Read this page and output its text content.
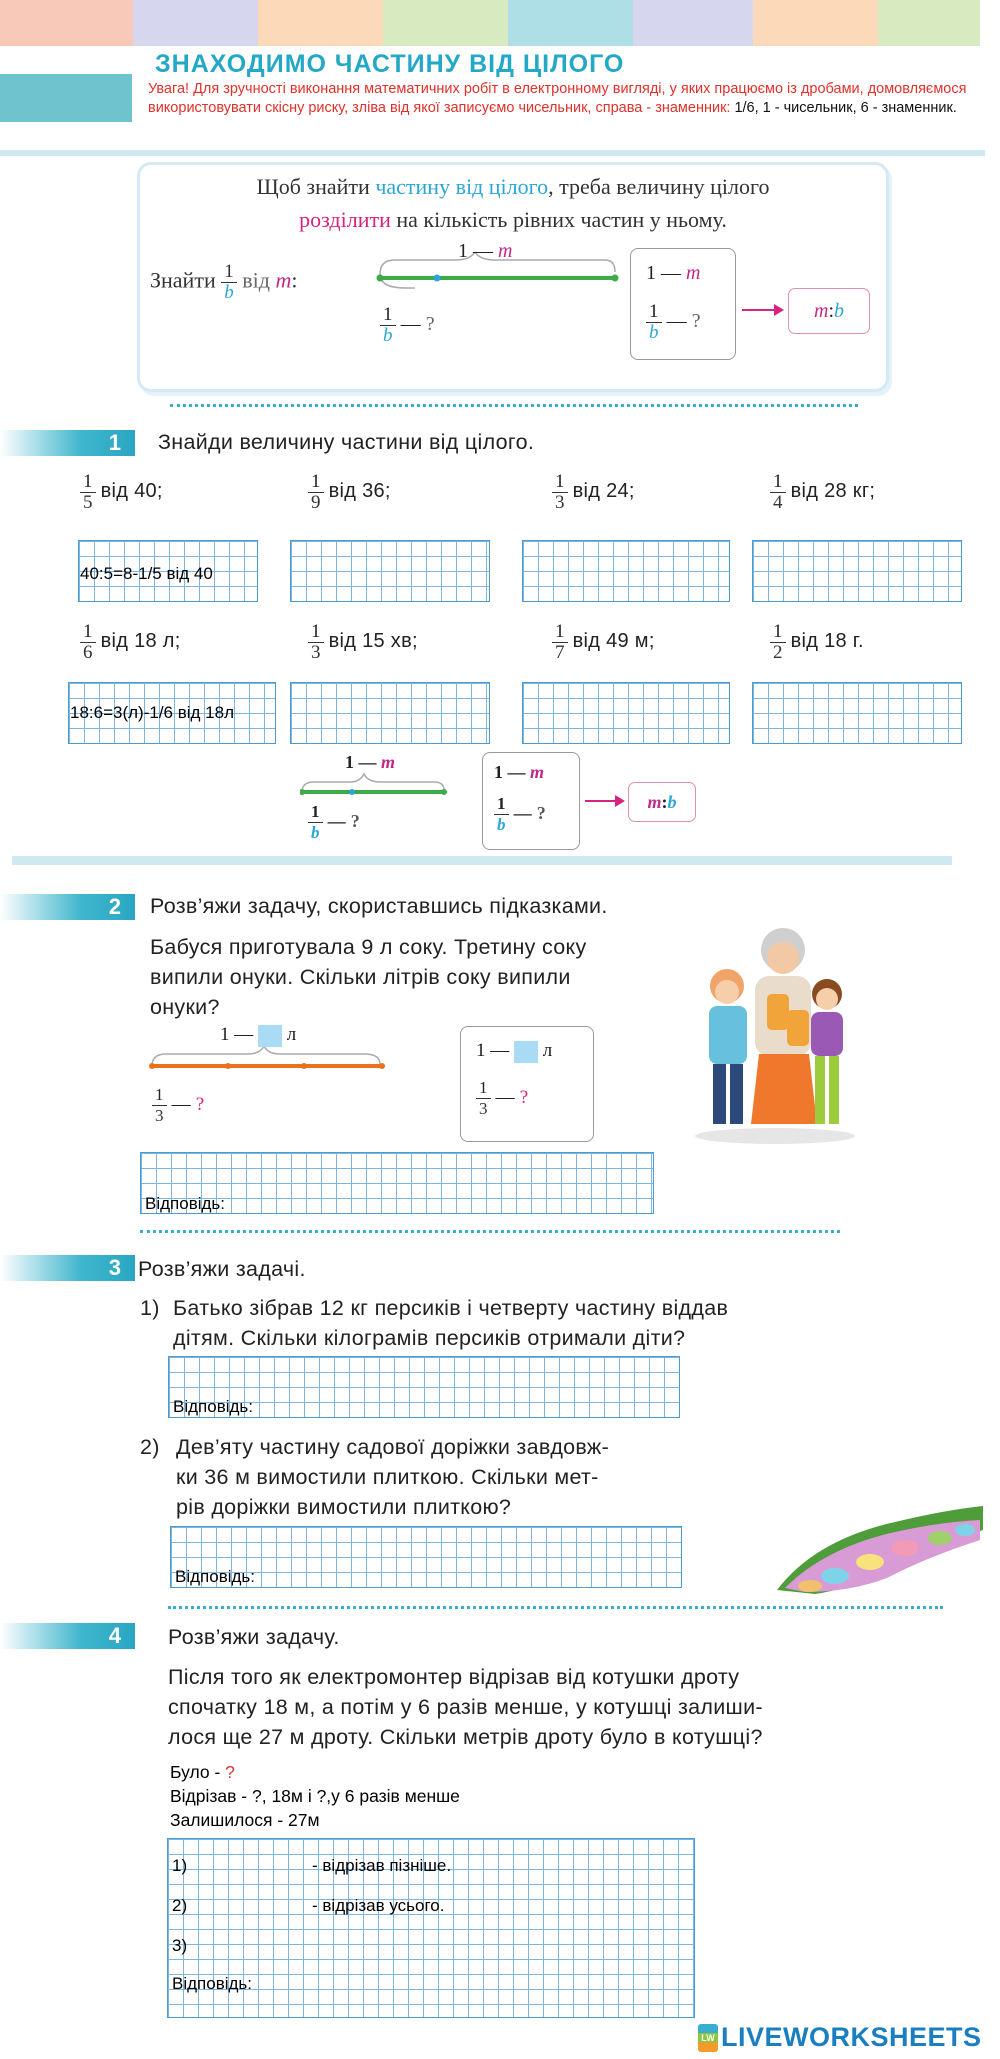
ЗНАХОДИМО ЧАСТИНУ ВІД ЦІЛОГО
Увага! Для зручності виконання математичних робіт в електронному вигляді, у яких працюємо із дробами, домовляємося використовувати скісну риску, зліва від якої записуємо чисельник, справа - знаменник: 1/6, 1 - чисельник, 6 - знаменник.
Щоб знайти частину від цілого, треба величину цілого
розділити на кількість рівних частин у ньому.
Знайти $\frac{1}{b}$ від m:
1 — m
$\frac{1}{b}$ — ?
1 — m
$\frac{1}{b}$ — ?	m:b
1	Знайди величину частини від цілого.
$\frac{1}{5}$ від 40;	$\frac{1}{9}$ від 36;	$\frac{1}{3}$ від 24;	$\frac{1}{4}$ від 28 кг;
40:5=8-1/5 від 40
$\frac{1}{6}$ від 18 л;	$\frac{1}{3}$ від 15 хв;	$\frac{1}{7}$ від 49 м;	$\frac{1}{2}$ від 18 г.
18:6=3(л)-1/6 від 18л
1 — m
$\frac{1}{b}$ — ?
1 — m
$\frac{1}{b}$ — ?
m:b
2	Розв’яжи задачу, скориставшись підказками.
Бабуся приготувала 9 л соку. Третину соку
випили онуки. Скільки літрів соку випили
онуки?
1 — л
$\frac{1}{3}$ — ?
1 — л
$\frac{1}{3}$ — ?
Відповідь:
3 Розв’яжи задачі.
1) Батько зібрав 12 кг персиків і четверту частину віддав
дітям. Скільки кілограмів персиків отримали діти?
Відповідь:
2) Дев’яту частину садової доріжки завдовж-
ки 36 м вимостили плиткою. Скільки мет-
рів доріжки вимостили плиткою?
Відповідь:
4	Розв’яжи задачу.
Після того як електромонтер відрізав від котушки дроту
спочатку 18 м, а потім у 6 разів менше, у котушці залиши-
лося ще 27 м дроту. Скільки метрів дроту було в котушці?
Було - ?
Відрізав - ?, 18м і ?,у 6 разів менше
Залишилося - 27м
1)	- відрізав пізніше.
2)	- відрізав усього.
3)
Відповідь:
LW LIVEWORKSHEETS
